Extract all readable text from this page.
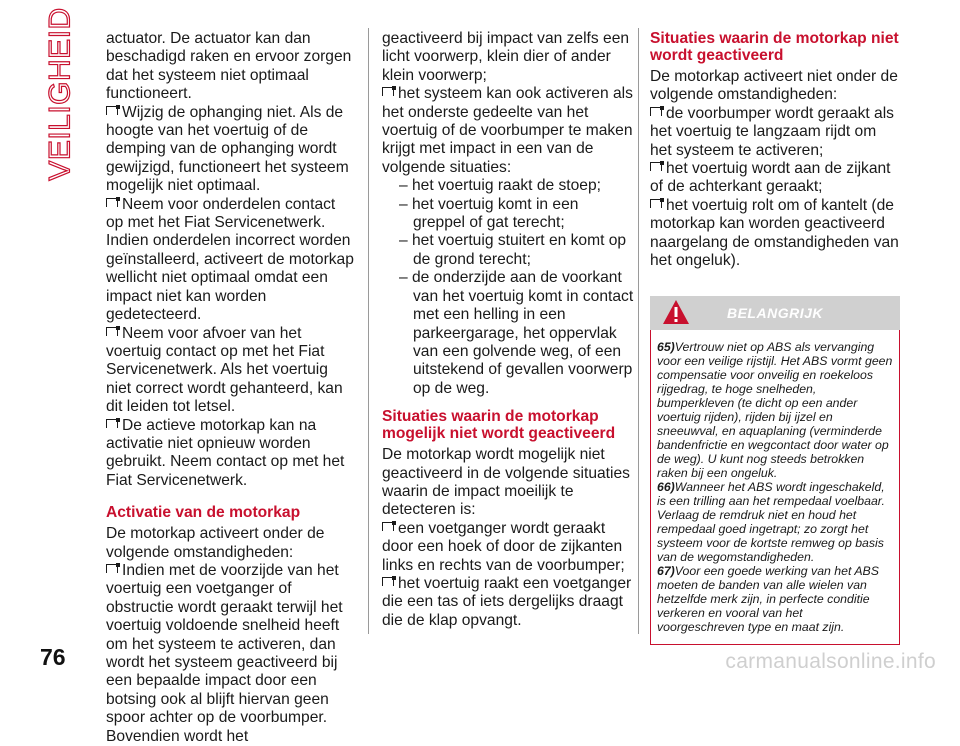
VEILIGHEID actuator. De actuator kan dan beschadigd raken en ervoor zorgen dat het systeem niet optimaal functioneert.

Wijzig de ophanging niet. Als de hoogte van het voertuig of de demping van de ophanging wordt gewijzigd, functioneert het systeem mogelijk niet optimaal.

Neem voor onderdelen contact op met het Fiat Servicenetwerk. Indien onderdelen incorrect worden geïnstalleerd, activeert de motorkap wellicht niet optimaal omdat een impact niet kan worden gedetecteerd.

Neem voor afvoer van het voertuig contact op met het Fiat Servicenetwerk. Als het voertuig niet correct wordt gehanteerd, kan dit leiden tot letsel.

De actieve motorkap kan na activatie niet opnieuw worden gebruikt. Neem contact op met het Fiat Servicenetwerk.

Activatie van de motorkap

De motorkap activeert onder de volgende omstandigheden:

Indien met de voorzijde van het voertuig een voetganger of obstructie wordt geraakt terwijl het voertuig voldoende snelheid heeft om het systeem te activeren, dan wordt het systeem geactiveerd bij een bepaalde impact door een botsing ook al blijft hiervan geen spoor achter op de voorbumper. Bovendien wordt het

geactiveerd bij impact van zelfs een licht voorwerp, klein dier of ander klein voorwerp;

het systeem kan ook activeren als het onderste gedeelte van het voertuig of de voorbumper te maken krijgt met impact in een van de volgende situaties:

– het voertuig raakt de stoep;
– het voertuig komt in een greppel of gat terecht;
– het voertuig stuitert en komt op de grond terecht;
– de onderzijde aan de voorkant van het voertuig komt in contact met een helling in een parkeergarage, het oppervlak van een golvende weg, of een uitstekend of gevallen voorwerp op de weg.
Situaties waarin de motorkap mogelijk niet wordt geactiveerd

De motorkap wordt mogelijk niet geactiveerd in de volgende situaties waarin de impact moeilijk te detecteren is:

een voetganger wordt geraakt door een hoek of door de zijkanten links en rechts van de voorbumper;

het voertuig raakt een voetganger die een tas of iets dergelijks draagt die de klap opvangt.

Situaties waarin de motorkap niet wordt geactiveerd

De motorkap activeert niet onder de volgende omstandigheden:

de voorbumper wordt geraakt als het voertuig te langzaam rijdt om het systeem te activeren;

het voertuig wordt aan de zijkant of de achterkant geraakt;

het voertuig rolt om of kantelt (de motorkap kan worden geactiveerd naargelang de omstandigheden van het ongeluk).

BELANGRIJK

65)Vertrouw niet op ABS als vervanging voor een veilige rijstijl. Het ABS vormt geen compensatie voor onveilig en roekeloos rijgedrag, te hoge snelheden, bumperkleven (te dicht op een ander voertuig rijden), rijden bij ijzel en sneeuwval, en aquaplaning (verminderde bandenfrictie en wegcontact door water op de weg). U kunt nog steeds betrokken raken bij een ongeluk.

66)Wanneer het ABS wordt ingeschakeld, is een trilling aan het rempedaal voelbaar. Verlaag de remdruk niet en houd het rempedaal goed ingetrapt; zo zorgt het systeem voor de kortste remweg op basis van de wegomstandigheden.

67)Voor een goede werking van het ABS moeten de banden van alle wielen van hetzelfde merk zijn, in perfecte conditie verkeren en vooral van het voorgeschreven type en maat zijn.

76	carmanualsonline.info
